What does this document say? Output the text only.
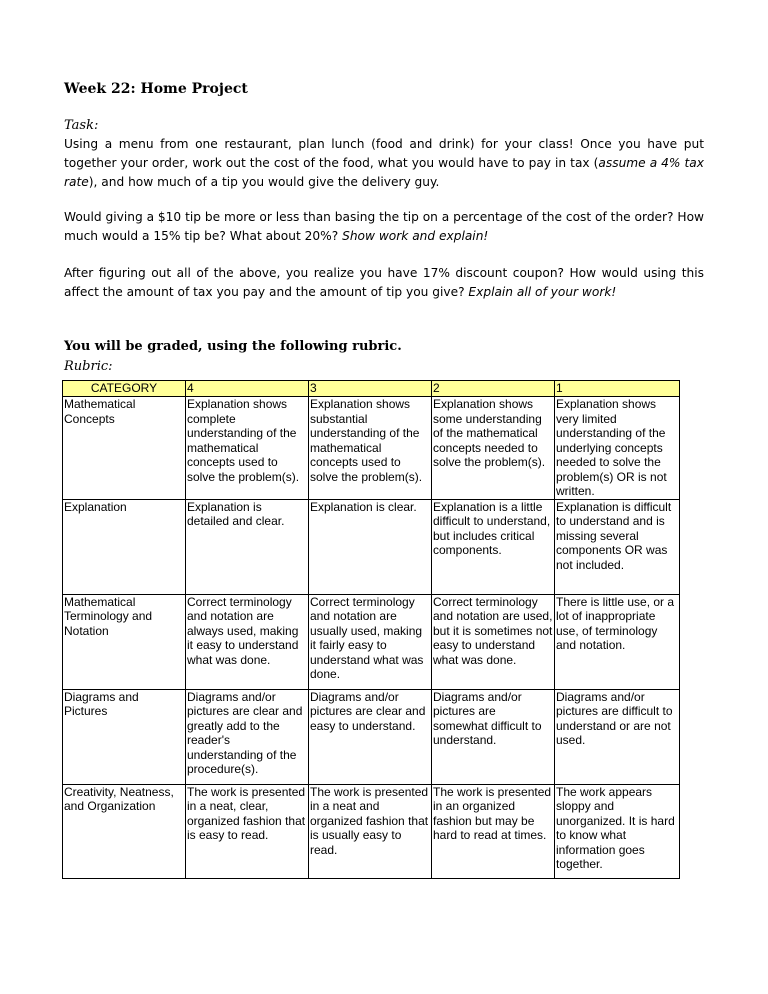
Week 22: Home Project
Task:
Using a menu from one restaurant, plan lunch (food and drink) for your class! Once you have put together your order, work out the cost of the food, what you would have to pay in tax (assume a 4% tax rate), and how much of a tip you would give the delivery guy.
Would giving a $10 tip be more or less than basing the tip on a percentage of the cost of the order? How much would a 15% tip be? What about 20%? Show work and explain!
After figuring out all of the above, you realize you have 17% discount coupon? How would using this affect the amount of tax you pay and the amount of tip you give? Explain all of your work!
You will be graded, using the following rubric.
Rubric:
CATEGORY	4	3	2	1
Mathematical Concepts	Explanation shows complete understanding of the mathematical concepts used to solve the problem(s).	Explanation shows substantial understanding of the mathematical concepts used to solve the problem(s).	Explanation shows some understanding of the mathematical concepts needed to solve the problem(s).	Explanation shows very limited understanding of the underlying concepts needed to solve the problem(s) OR is not written.
Explanation	Explanation is detailed and clear.	Explanation is clear.	Explanation is a little difficult to understand, but includes critical components.	Explanation is difficult to understand and is missing several components OR was not included.
Mathematical Terminology and Notation	Correct terminology and notation are always used, making it easy to understand what was done.	Correct terminology and notation are usually used, making it fairly easy to understand what was done.	Correct terminology and notation are used, but it is sometimes not easy to understand what was done.	There is little use, or a lot of inappropriate use, of terminology and notation.
Diagrams and Pictures	Diagrams and/or pictures are clear and greatly add to the reader's understanding of the procedure(s).	Diagrams and/or pictures are clear and easy to understand.	Diagrams and/or pictures are somewhat difficult to understand.	Diagrams and/or pictures are difficult to understand or are not used.
Creativity, Neatness, and Organization	The work is presented in a neat, clear, organized fashion that is easy to read.	The work is presented in a neat and organized fashion that is usually easy to read.	The work is presented in an organized fashion but may be hard to read at times.	The work appears sloppy and unorganized. It is hard to know what information goes together.
